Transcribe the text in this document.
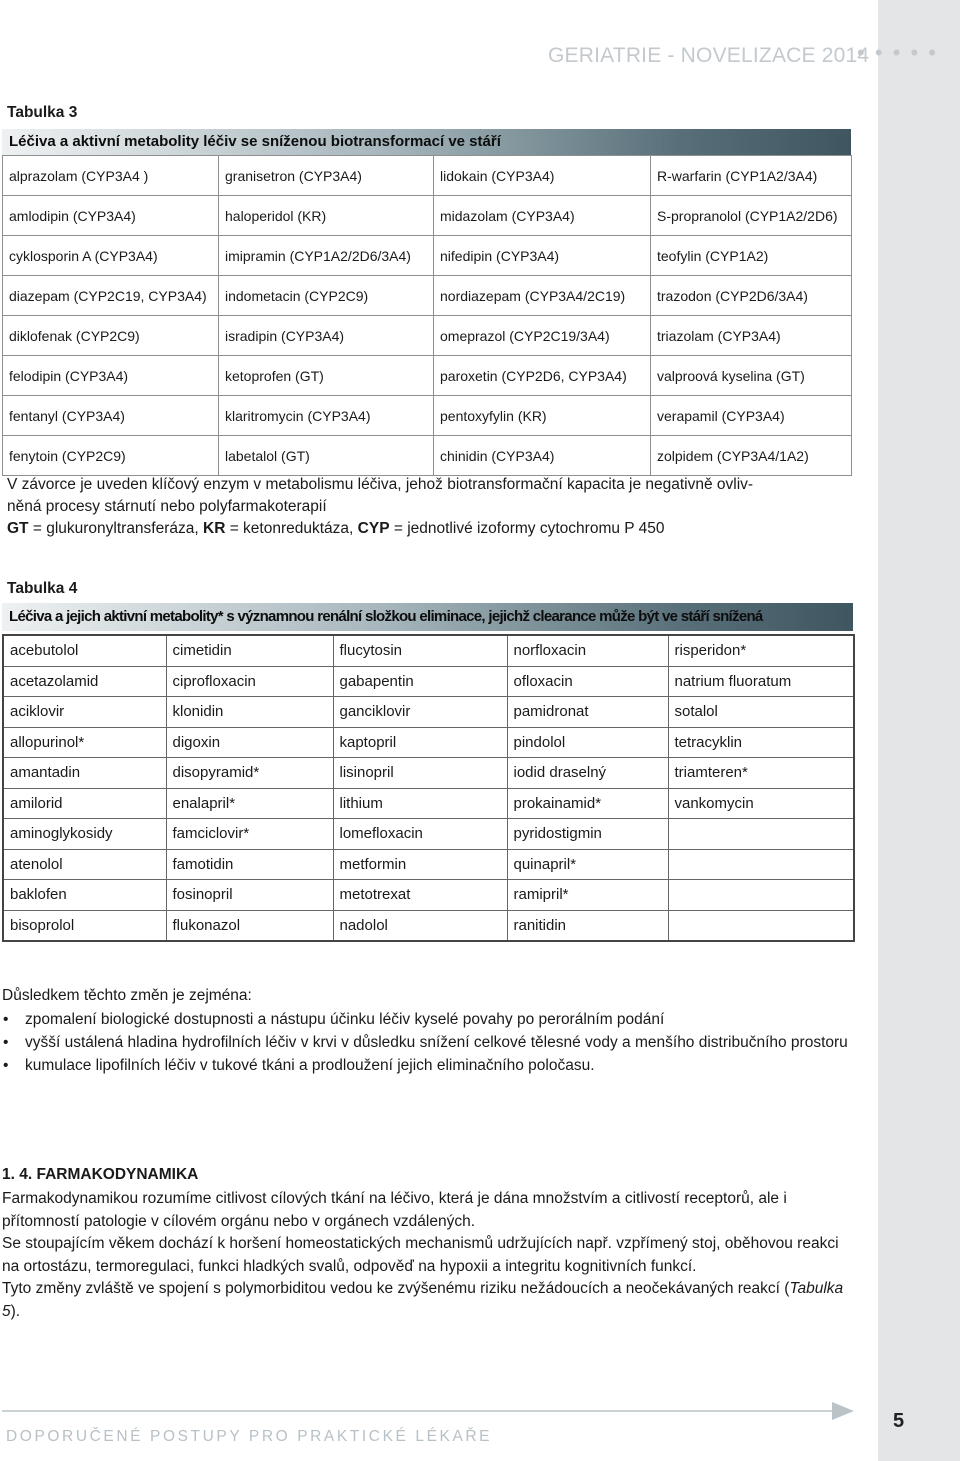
GERIATRIE - NOVELIZACE 2014
• • • • •
Tabulka 3
Léčiva a aktivní metabolity léčiv se sníženou biotransformací ve stáří
alprazolam (CYP3A4 )	granisetron (CYP3A4)	lidokain (CYP3A4)	R-warfarin (CYP1A2/3A4)
amlodipin (CYP3A4)	haloperidol (KR)	midazolam (CYP3A4)	S-propranolol (CYP1A2/2D6)
cyklosporin A (CYP3A4)	imipramin (CYP1A2/2D6/3A4)	nifedipin (CYP3A4)	teofylin (CYP1A2)
diazepam (CYP2C19, CYP3A4)	indometacin (CYP2C9)	nordiazepam (CYP3A4/2C19)	trazodon (CYP2D6/3A4)
diklofenak (CYP2C9)	isradipin (CYP3A4)	omeprazol (CYP2C19/3A4)	triazolam (CYP3A4)
felodipin (CYP3A4)	ketoprofen (GT)	paroxetin (CYP2D6, CYP3A4)	valproová kyselina (GT)
fentanyl (CYP3A4)	klaritromycin (CYP3A4)	pentoxyfylin (KR)	verapamil (CYP3A4)
fenytoin (CYP2C9)	labetalol (GT)	chinidin (CYP3A4)	zolpidem (CYP3A4/1A2)
V závorce je uveden klíčový enzym v metabolismu léčiva, jehož biotransformační kapacita je negativně ovliv-
něná procesy stárnutí nebo polyfarmakoterapií
GT = glukuronyltransferáza, KR = ketonreduktáza, CYP = jednotlivé izoformy cytochromu P 450
Tabulka 4
Léčiva a jejich aktivní metabolity* s významnou renální složkou eliminace, jejichž clearance může být ve stáří snížená
acebutolol	cimetidin	flucytosin	norfloxacin	risperidon*
acetazolamid	ciprofloxacin	gabapentin	ofloxacin	natrium fluoratum
aciklovir	klonidin	ganciklovir	pamidronat	sotalol
allopurinol*	digoxin	kaptopril	pindolol	tetracyklin
amantadin	disopyramid*	lisinopril	iodid draselný	triamteren*
amilorid	enalapril*	lithium	prokainamid*	vankomycin
aminoglykosidy	famciclovir*	lomefloxacin	pyridostigmin	
atenolol	famotidin	metformin	quinapril*	
baklofen	fosinopril	metotrexat	ramipril*	
bisoprolol	flukonazol	nadolol	ranitidin	
Důsledkem těchto změn je zejména:
• zpomalení biologické dostupnosti a nástupu účinku léčiv kyselé povahy po perorálním podání
• vyšší ustálená hladina hydrofilních léčiv v krvi v důsledku snížení celkové tělesné vody a menšího distribučního prostoru
• kumulace lipofilních léčiv v tukové tkáni a prodloužení jejich eliminačního poločasu.
1. 4. FARMAKODYNAMIKA
Farmakodynamikou rozumíme citlivost cílových tkání na léčivo, která je dána množstvím a citlivostí receptorů, ale i přítomností patologie v cílovém orgánu nebo v orgánech vzdálených.
Se stoupajícím věkem dochází k horšení homeostatických mechanismů udržujících např. vzpřímený stoj, oběhovou reakci na ortostázu, termoregulaci, funkci hladkých svalů, odpověď na hypoxii a integritu kognitivních funkcí.
Tyto změny zvláště ve spojení s polymorbiditou vedou ke zvýšenému riziku nežádoucích a neočekávaných reakcí (Tabulka 5).
DOPORUČENÉ POSTUPY PRO PRAKTICKÉ LÉKAŘE
5
